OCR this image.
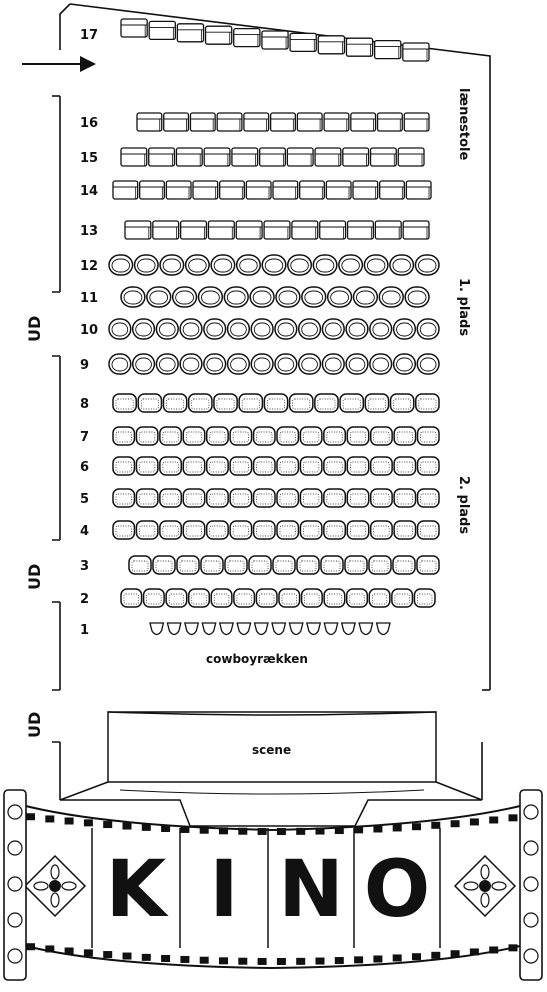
lænestole
1. plads
2. plads
UD
UD
UD
17
16
15
14
13
12
11
10
9
8
7
6
5
4
3
2
1
cowboyrækken
scene
K I N O
